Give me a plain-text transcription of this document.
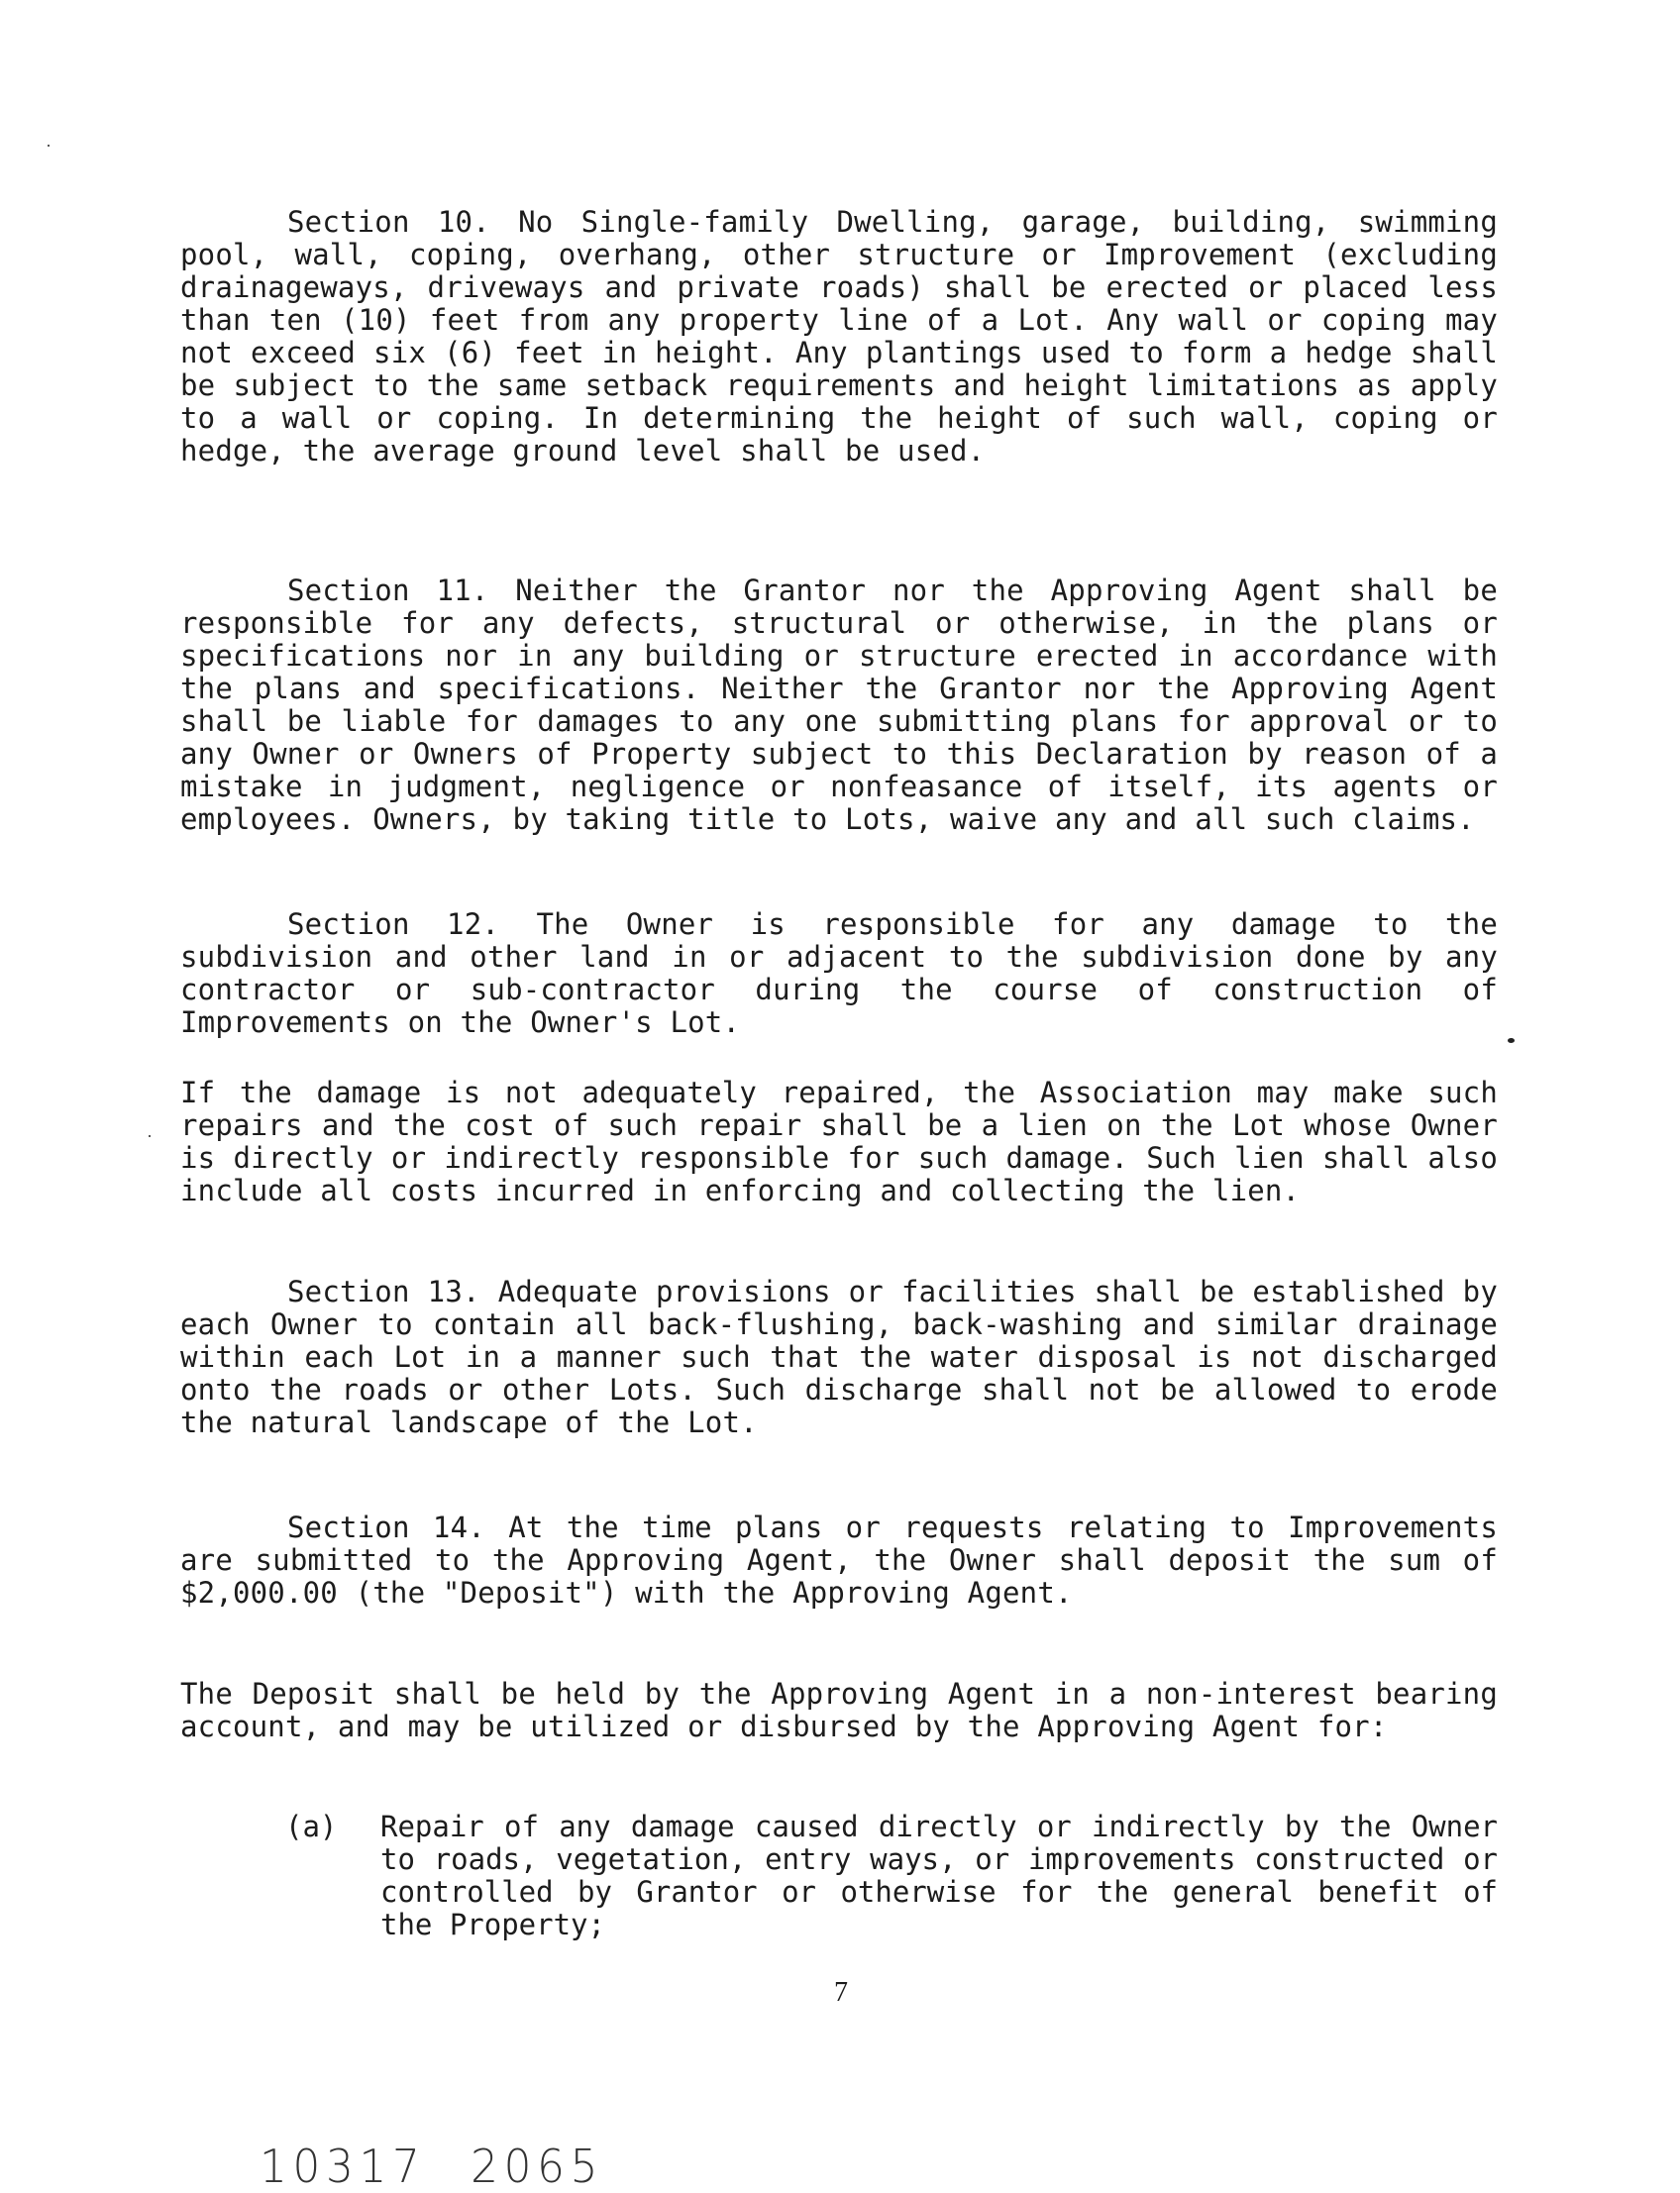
Section 10. No Single-family Dwelling, garage, building, swimming pool, wall, coping, overhang, other structure or Improvement (excluding drainageways, driveways and private roads) shall be erected or placed less than ten (10) feet from any property line of a Lot. Any wall or coping may not exceed six (6) feet in height. Any plantings used to form a hedge shall be subject to the same setback requirements and height limitations as apply to a wall or coping. In determining the height of such wall, coping or hedge, the average ground level shall be used.
Section 11. Neither the Grantor nor the Approving Agent shall be responsible for any defects, structural or otherwise, in the plans or specifications nor in any building or structure erected in accordance with the plans and specifications. Neither the Grantor nor the Approving Agent shall be liable for damages to any one submitting plans for approval or to any Owner or Owners of Property subject to this Declaration by reason of a mistake in judgment, negligence or nonfeasance of itself, its agents or employees. Owners, by taking title to Lots, waive any and all such claims.
Section 12. The Owner is responsible for any damage to the subdivision and other land in or adjacent to the subdivision done by any contractor or sub-contractor during the course of construction of Improvements on the Owner's Lot.
If the damage is not adequately repaired, the Association may make such repairs and the cost of such repair shall be a lien on the Lot whose Owner is directly or indirectly responsible for such damage. Such lien shall also include all costs incurred in enforcing and collecting the lien.
Section 13. Adequate provisions or facilities shall be established by each Owner to contain all back-flushing, back-washing and similar drainage within each Lot in a manner such that the water disposal is not discharged onto the roads or other Lots. Such discharge shall not be allowed to erode the natural landscape of the Lot.
Section 14. At the time plans or requests relating to Improvements are submitted to the Approving Agent, the Owner shall deposit the sum of $2,000.00 (the "Deposit") with the Approving Agent.
The Deposit shall be held by the Approving Agent in a non-interest bearing account, and may be utilized or disbursed by the Approving Agent for:
(a)	Repair of any damage caused directly or indirectly by the Owner to roads, vegetation, entry ways, or improvements constructed or controlled by Grantor or otherwise for the general benefit of the Property;
7
10317 2065
